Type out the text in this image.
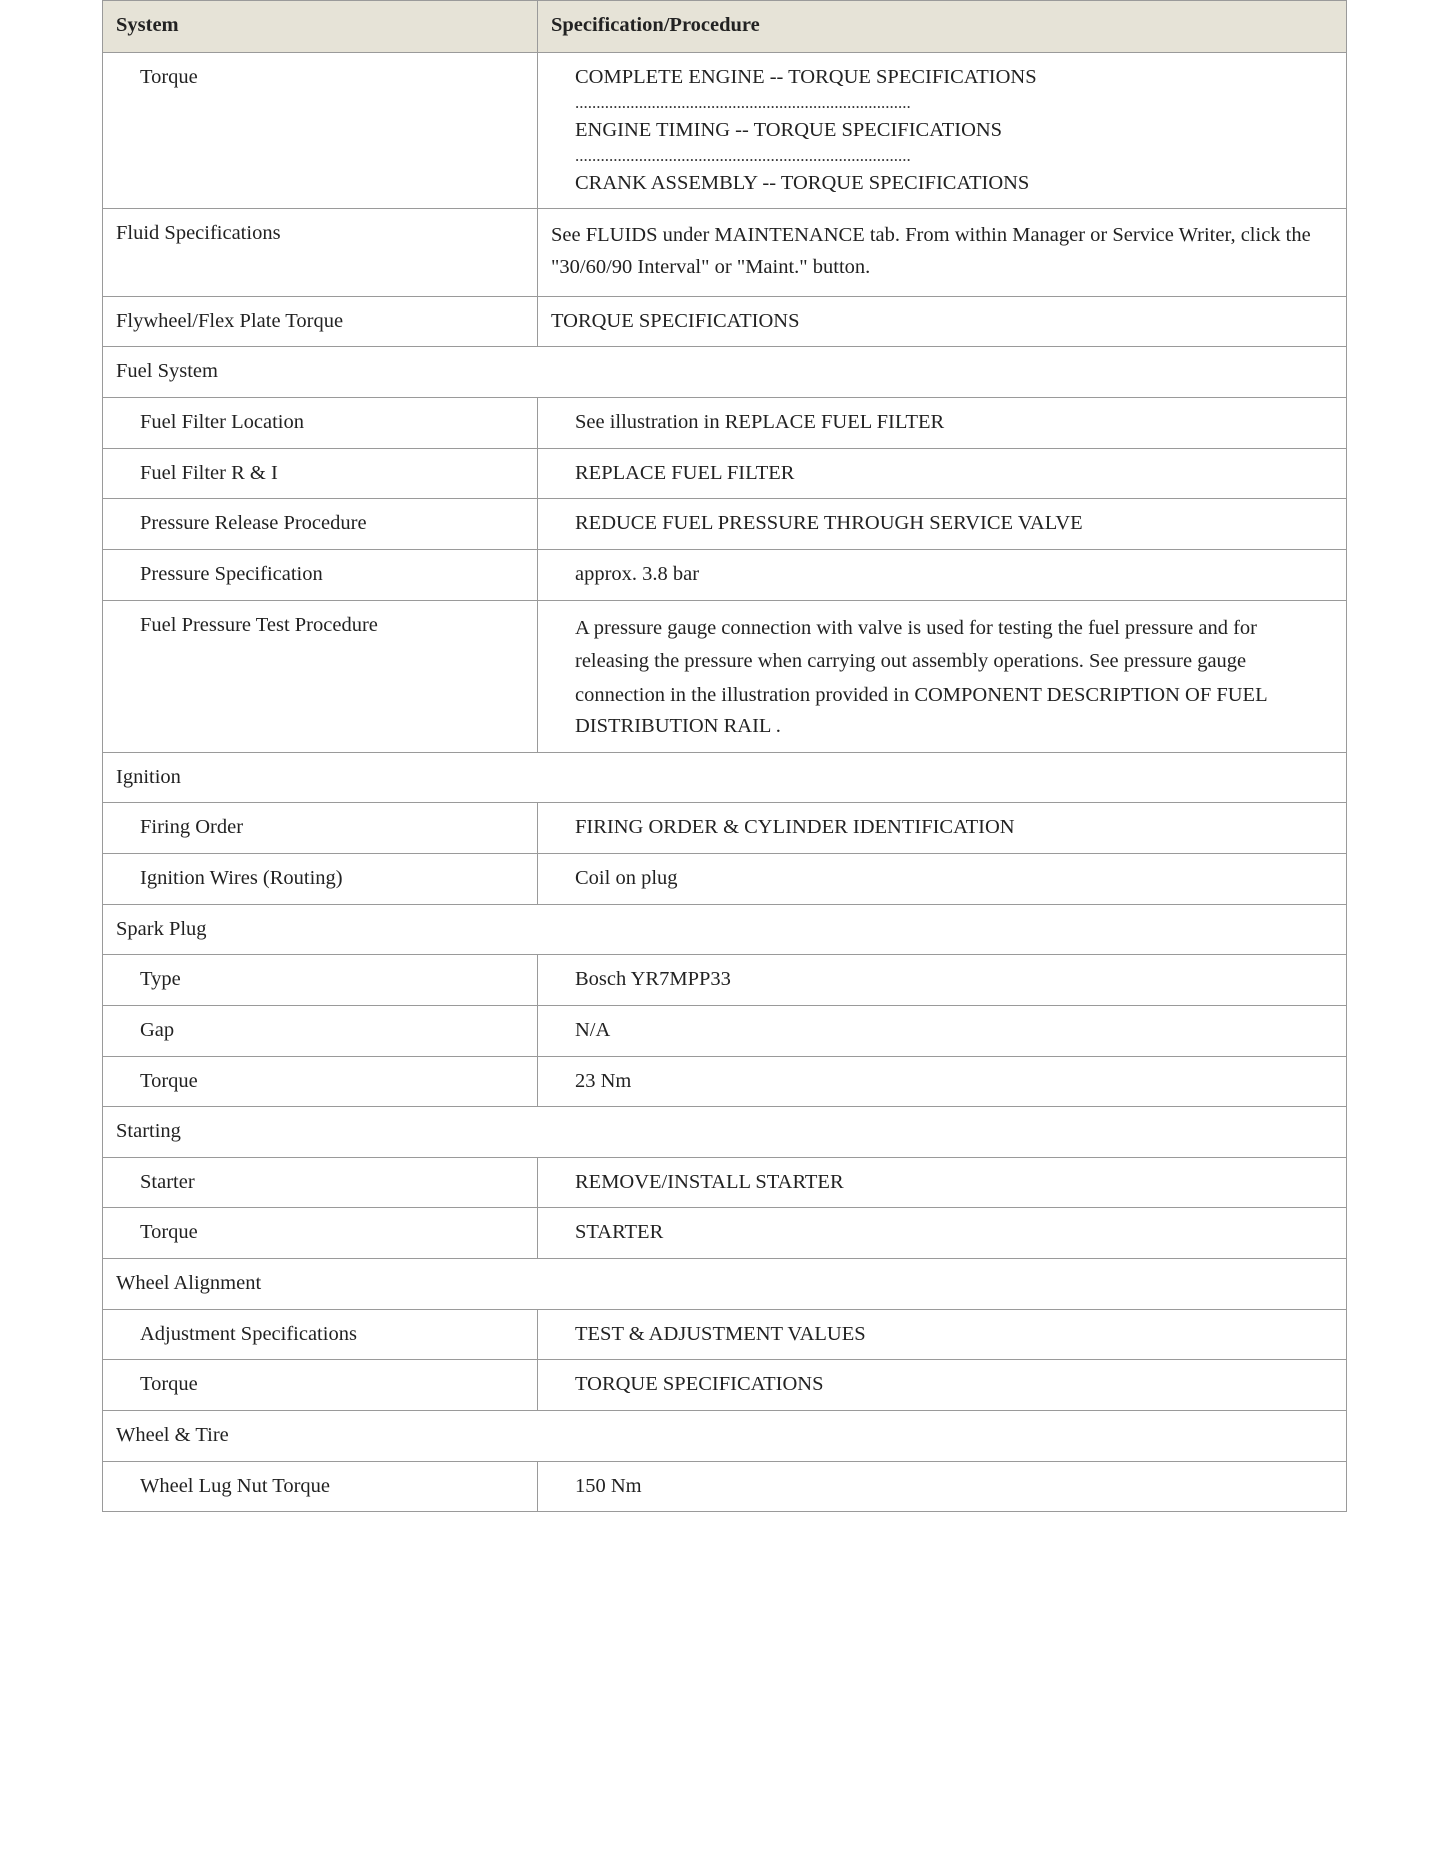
System	Specification/Procedure
Torque	COMPLETE ENGINE -- TORQUE SPECIFICATIONS
...............................................................................
ENGINE TIMING -- TORQUE SPECIFICATIONS
...............................................................................
CRANK ASSEMBLY -- TORQUE SPECIFICATIONS

Fluid Specifications	See FLUIDS under MAINTENANCE tab. From within Manager or Service Writer, click the "30/60/90 Interval" or "Maint." button.
Flywheel/Flex Plate Torque	TORQUE SPECIFICATIONS
Fuel System	
Fuel Filter Location	See illustration in REPLACE FUEL FILTER
Fuel Filter R & I	REPLACE FUEL FILTER
Pressure Release Procedure	REDUCE FUEL PRESSURE THROUGH SERVICE VALVE
Pressure Specification	approx. 3.8 bar
Fuel Pressure Test Procedure	A pressure gauge connection with valve is used for testing the fuel pressure and for
releasing the pressure when carrying out assembly operations. See pressure gauge
connection in the illustration provided in COMPONENT DESCRIPTION OF FUEL
DISTRIBUTION RAIL .

Ignition	
Firing Order	FIRING ORDER & CYLINDER IDENTIFICATION
Ignition Wires (Routing)	Coil on plug
Spark Plug	
Type	Bosch YR7MPP33
Gap	N/A
Torque	23 Nm
Starting	
Starter	REMOVE/INSTALL STARTER
Torque	STARTER
Wheel Alignment	
Adjustment Specifications	TEST & ADJUSTMENT VALUES
Torque	TORQUE SPECIFICATIONS
Wheel & Tire	
Wheel Lug Nut Torque	150 Nm
